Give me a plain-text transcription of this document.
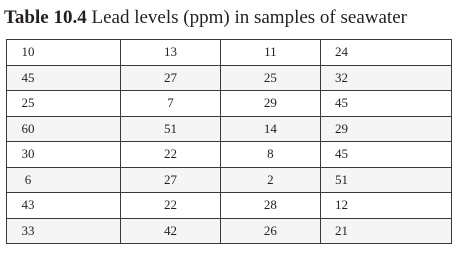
Table 10.4 Lead levels (ppm) in samples of seawater
10	13	11	24
45	27	25	32
25	7	29	45
60	51	14	29
30	22	8	45
6	27	2	51
43	22	28	12
33	42	26	21
